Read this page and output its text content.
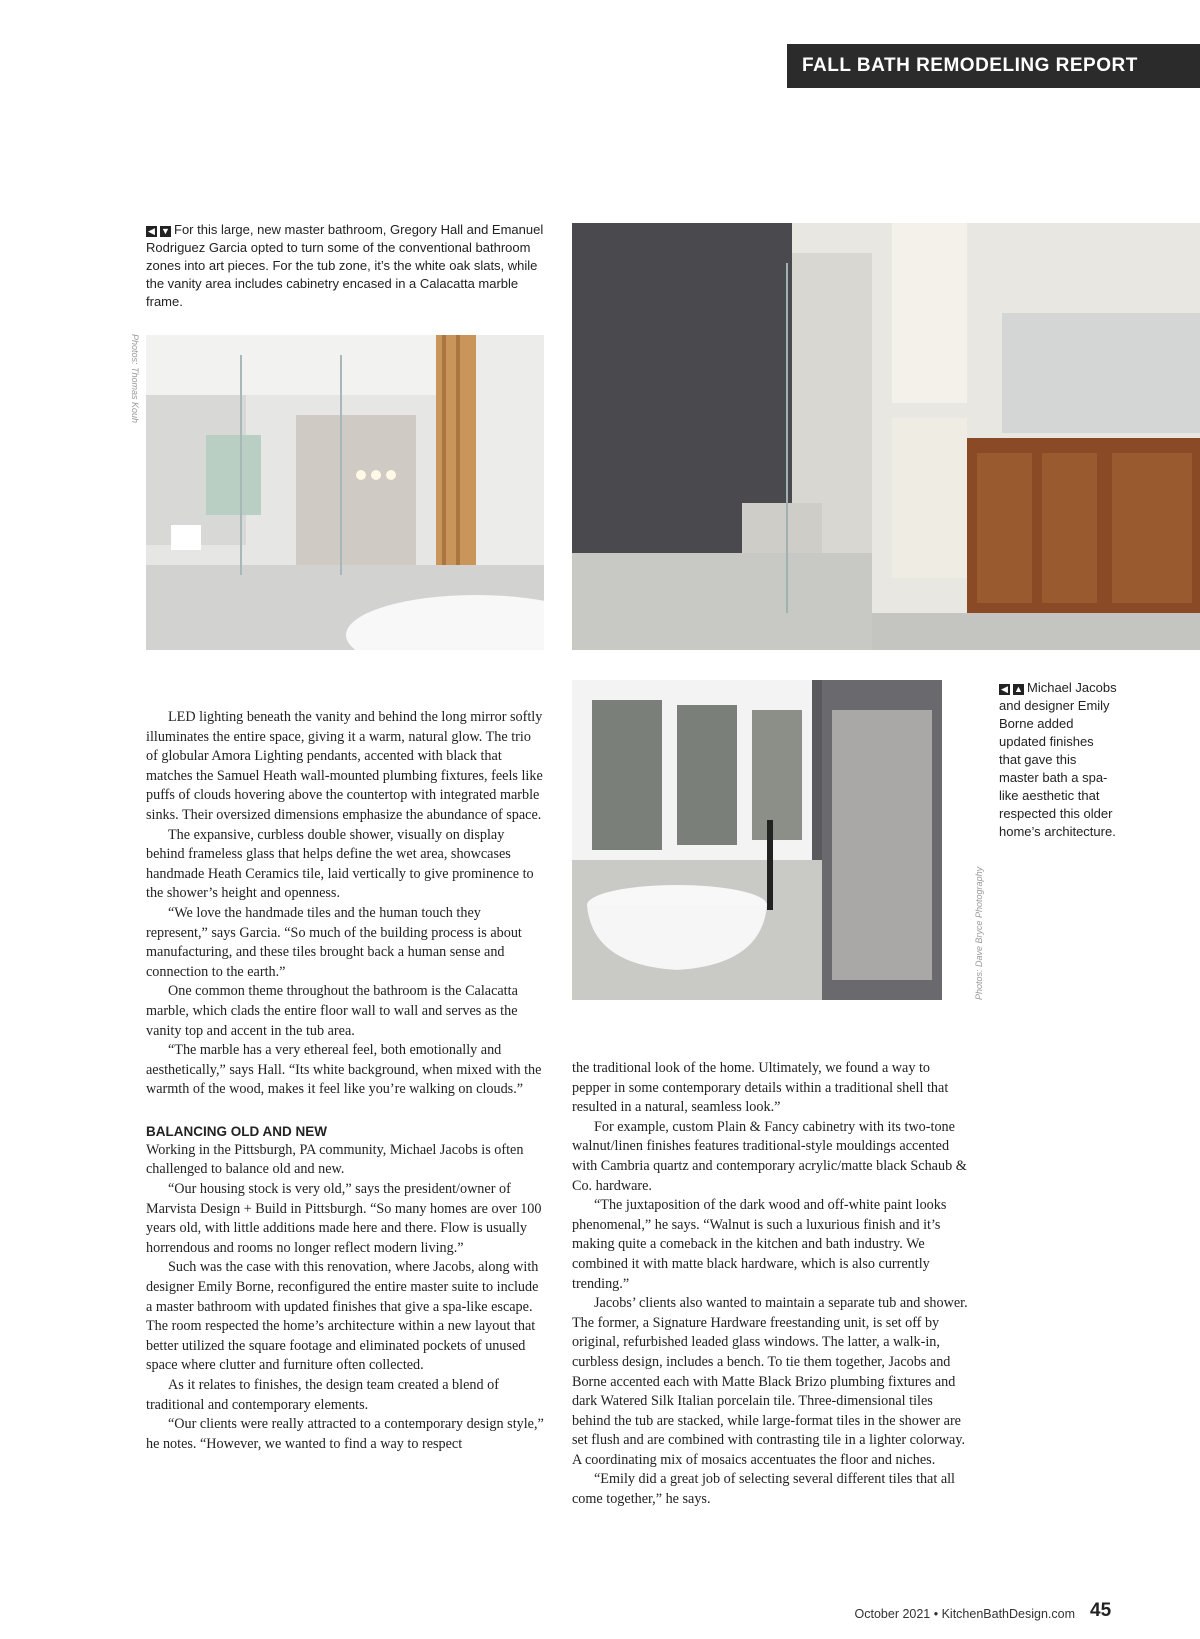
FALL BATH REMODELING REPORT
◀ ▼ For this large, new master bathroom, Gregory Hall and Emanuel Rodriguez Garcia opted to turn some of the conventional bathroom zones into art pieces. For the tub zone, it’s the white oak slats, while the vanity area includes cabinetry encased in a Calacatta marble frame.
Photos: Thomas Kouh
◀ ▲ Michael Jacobs and designer Emily Borne added updated finishes that gave this master bath a spa-like aesthetic that respected this older home’s architecture.
Photos: Dave Bryce Photography

LED lighting beneath the vanity and behind the long mirror softly illuminates the entire space, giving it a warm, natural glow. The trio of globular Amora Lighting pendants, accented with black that matches the Samuel Heath wall-mounted plumbing fixtures, feels like puffs of clouds hovering above the countertop with integrated marble sinks. Their oversized dimensions emphasize the abundance of space.

The expansive, curbless double shower, visually on display behind frameless glass that helps define the wet area, showcases handmade Heath Ceramics tile, laid vertically to give prominence to the shower’s height and openness.

“We love the handmade tiles and the human touch they represent,” says Garcia. “So much of the building process is about manufacturing, and these tiles brought back a human sense and connection to the earth.”

One common theme throughout the bathroom is the Calacatta marble, which clads the entire floor wall to wall and serves as the vanity top and accent in the tub area.

“The marble has a very ethereal feel, both emotionally and aesthetically,” says Hall. “Its white background, when mixed with the warmth of the wood, makes it feel like you’re walking on clouds.”

BALANCING OLD AND NEW

Working in the Pittsburgh, PA community, Michael Jacobs is often challenged to balance old and new.

“Our housing stock is very old,” says the president/owner of Marvista Design + Build in Pittsburgh. “So many homes are over 100 years old, with little additions made here and there. Flow is usually horrendous and rooms no longer reflect modern living.”

Such was the case with this renovation, where Jacobs, along with designer Emily Borne, reconfigured the entire master suite to include a master bathroom with updated finishes that give a spa-like escape. The room respected the home’s architecture within a new layout that better utilized the square footage and eliminated pockets of unused space where clutter and furniture often collected.

As it relates to finishes, the design team created a blend of traditional and contemporary elements.

“Our clients were really attracted to a contemporary design style,” he notes. “However, we wanted to find a way to respect

the traditional look of the home. Ultimately, we found a way to pepper in some contemporary details within a traditional shell that resulted in a natural, seamless look.”

For example, custom Plain & Fancy cabinetry with its two-tone walnut/linen finishes features traditional-style mouldings accented with Cambria quartz and contemporary acrylic/matte black Schaub & Co. hardware.

“The juxtaposition of the dark wood and off-white paint looks phenomenal,” he says. “Walnut is such a luxurious finish and it’s making quite a comeback in the kitchen and bath industry. We combined it with matte black hardware, which is also currently trending.”

Jacobs’ clients also wanted to maintain a separate tub and shower. The former, a Signature Hardware freestanding unit, is set off by original, refurbished leaded glass windows. The latter, a walk-in, curbless design, includes a bench. To tie them together, Jacobs and Borne accented each with Matte Black Brizo plumbing fixtures and dark Watered Silk Italian porcelain tile. Three-dimensional tiles behind the tub are stacked, while large-format tiles in the shower are set flush and are combined with contrasting tile in a lighter colorway. A coordinating mix of mosaics accentuates the floor and niches.

“Emily did a great job of selecting several different tiles that all come together,” he says.

October 2021 • KitchenBathDesign.com 45
